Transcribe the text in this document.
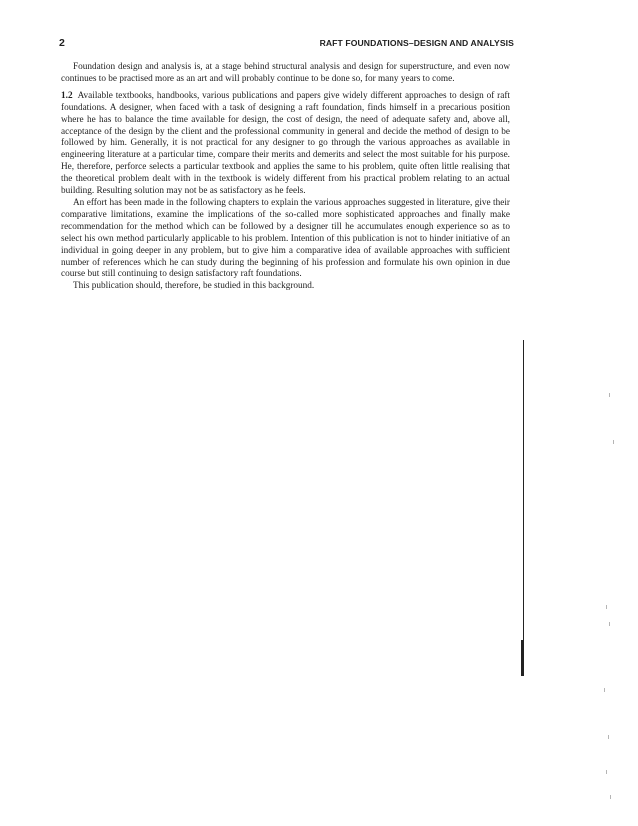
2	RAFT FOUNDATIONS–DESIGN AND ANALYSIS

Foundation design and analysis is, at a stage behind structural analysis and design for superstructure, and even now continues to be practised more as an art and will probably continue to be done so, for many years to come.

1.2 Available textbooks, handbooks, various publications and papers give widely different approaches to design of raft foundations. A designer, when faced with a task of designing a raft foundation, finds himself in a precarious position where he has to balance the time available for design, the cost of design, the need of adequate safety and, above all, acceptance of the design by the client and the professional community in general and decide the method of design to be followed by him. Generally, it is not practical for any designer to go through the various approaches as available in engineering literature at a particular time, compare their merits and demerits and select the most suitable for his purpose. He, therefore, perforce selects a particular textbook and applies the same to his problem, quite often little realising that the theoretical problem dealt with in the textbook is widely different from his practical problem relating to an actual building. Resulting solution may not be as satisfactory as he feels.

An effort has been made in the following chapters to explain the various approaches suggested in literature, give their comparative limitations, examine the implications of the so-called more sophisticated approaches and finally make recommendation for the method which can be followed by a designer till he accumulates enough experience so as to select his own method particularly applicable to his problem. Intention of this publication is not to hinder initiative of an individual in going deeper in any problem, but to give him a comparative idea of available approaches with sufficient number of references which he can study during the beginning of his profession and formulate his own opinion in due course but still continuing to design satisfactory raft foundations.

This publication should, therefore, be studied in this background.
